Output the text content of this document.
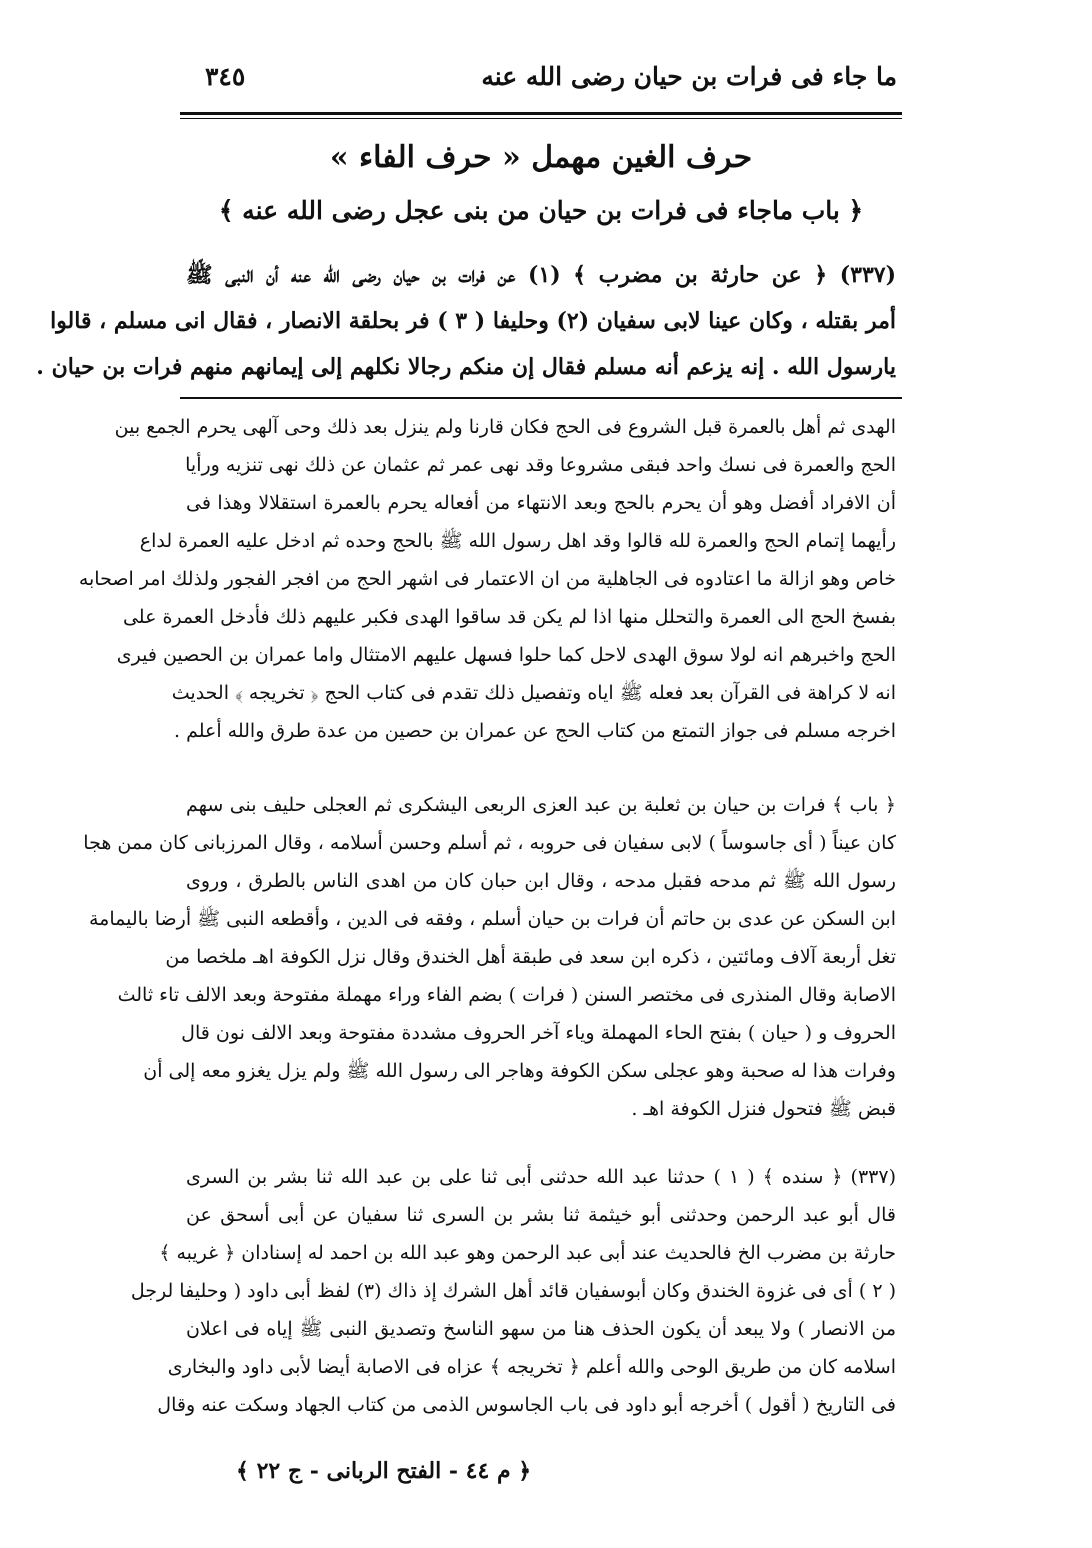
ما جاء فى فرات بن حيان رضى الله عنه
٣٤٥
حرف الغين مهمل « حرف الفاء »
﴿ باب ماجاء فى فرات بن حيان من بنى عجل رضى الله عنه ﴾
(٣٣٧) ﴿ عن حارثة بن مضرب ﴾ (١) عن فرات بن حيان رضى الله عنه أن النبى ﷺ
أمر بقتله ، وكان عينا لابى سفيان (٢) وحليفا ( ٣ ) فر بحلقة الانصار ، فقال انى مسلم ، قالوا
يارسول الله . إنه يزعم أنه مسلم فقال إن منكم رجالا نكلهم إلى إيمانهم منهم فرات بن حيان .
الهدى ثم أهل بالعمرة قبل الشروع فى الحج فكان قارنا ولم ينزل بعد ذلك وحى آلهى يحرم الجمع بين
الحج والعمرة فى نسك واحد فبقى مشروعا وقد نهى عمر ثم عثمان عن ذلك نهى تنزيه ورأيا
أن الافراد أفضل وهو أن يحرم بالحج وبعد الانتهاء من أفعاله يحرم بالعمرة استقلالا وهذا فى
رأيهما إتمام الحج والعمرة لله قالوا وقد اهل رسول الله ﷺ بالحج وحده ثم ادخل عليه العمرة لداع
خاص وهو ازالة ما اعتادوه فى الجاهلية من ان الاعتمار فى اشهر الحج من افجر الفجور ولذلك امر اصحابه
بفسخ الحج الى العمرة والتحلل منها اذا لم يكن قد ساقوا الهدى فكبر عليهم ذلك فأدخل العمرة على
الحج واخبرهم انه لولا سوق الهدى لاحل كما حلوا فسهل عليهم الامتثال واما عمران بن الحصين فيرى
انه لا كراهة فى القرآن بعد فعله ﷺ اياه وتفصيل ذلك تقدم فى كتاب الحج ﴿ تخريجه ﴾ الحديث
اخرجه مسلم فى جواز التمتع من كتاب الحج عن عمران بن حصين من عدة طرق والله أعلم .
﴿ باب ﴾ فرات بن حيان بن ثعلبة بن عبد العزى الربعى اليشكرى ثم العجلى حليف بنى سهم
كان عيناً ( أى جاسوساً ) لابى سفيان فى حروبه ، ثم أسلم وحسن أسلامه ، وقال المرزبانى كان ممن هجا
رسول الله ﷺ ثم مدحه فقبل مدحه ، وقال ابن حبان كان من اهدى الناس بالطرق ، وروى
ابن السكن عن عدى بن حاتم أن فرات بن حيان أسلم ، وفقه فى الدين ، وأقطعه النبى ﷺ أرضا باليمامة
تغل أربعة آلاف ومائتين ، ذكره ابن سعد فى طبقة أهل الخندق وقال نزل الكوفة اهـ ملخصا من
الاصابة وقال المنذرى فى مختصر السنن ( فرات ) بضم الفاء وراء مهملة مفتوحة وبعد الالف تاء ثالث
الحروف و ( حيان ) بفتح الحاء المهملة وياء آخر الحروف مشددة مفتوحة وبعد الالف نون قال
وفرات هذا له صحبة وهو عجلى سكن الكوفة وهاجر الى رسول الله ﷺ ولم يزل يغزو معه إلى أن
قبض ﷺ فتحول فنزل الكوفة اهـ .
(٣٣٧) ﴿ سنده ﴾ ( ١ ) حدثنا عبد الله حدثنى أبى ثنا على بن عبد الله ثنا بشر بن السرى
قال أبو عبد الرحمن وحدثنى أبو خيثمة ثنا بشر بن السرى ثنا سفيان عن أبى أسحق عن
حارثة بن مضرب الخ فالحديث عند أبى عبد الرحمن وهو عبد الله بن احمد له إسنادان ﴿ غريبه ﴾
( ٢ ) أى فى غزوة الخندق وكان أبوسفيان قائد أهل الشرك إذ ذاك (٣) لفظ أبى داود ( وحليفا لرجل
من الانصار ) ولا يبعد أن يكون الحذف هنا من سهو الناسخ وتصديق النبى ﷺ إياه فى اعلان
اسلامه كان من طريق الوحى والله أعلم ﴿ تخريجه ﴾ عزاه فى الاصابة أيضا لأبى داود والبخارى
فى التاريخ ( أقول ) أخرجه أبو داود فى باب الجاسوس الذمى من كتاب الجهاد وسكت عنه وقال
﴿ م ٤٤ - الفتح الربانى - ج ٢٢ ﴾
